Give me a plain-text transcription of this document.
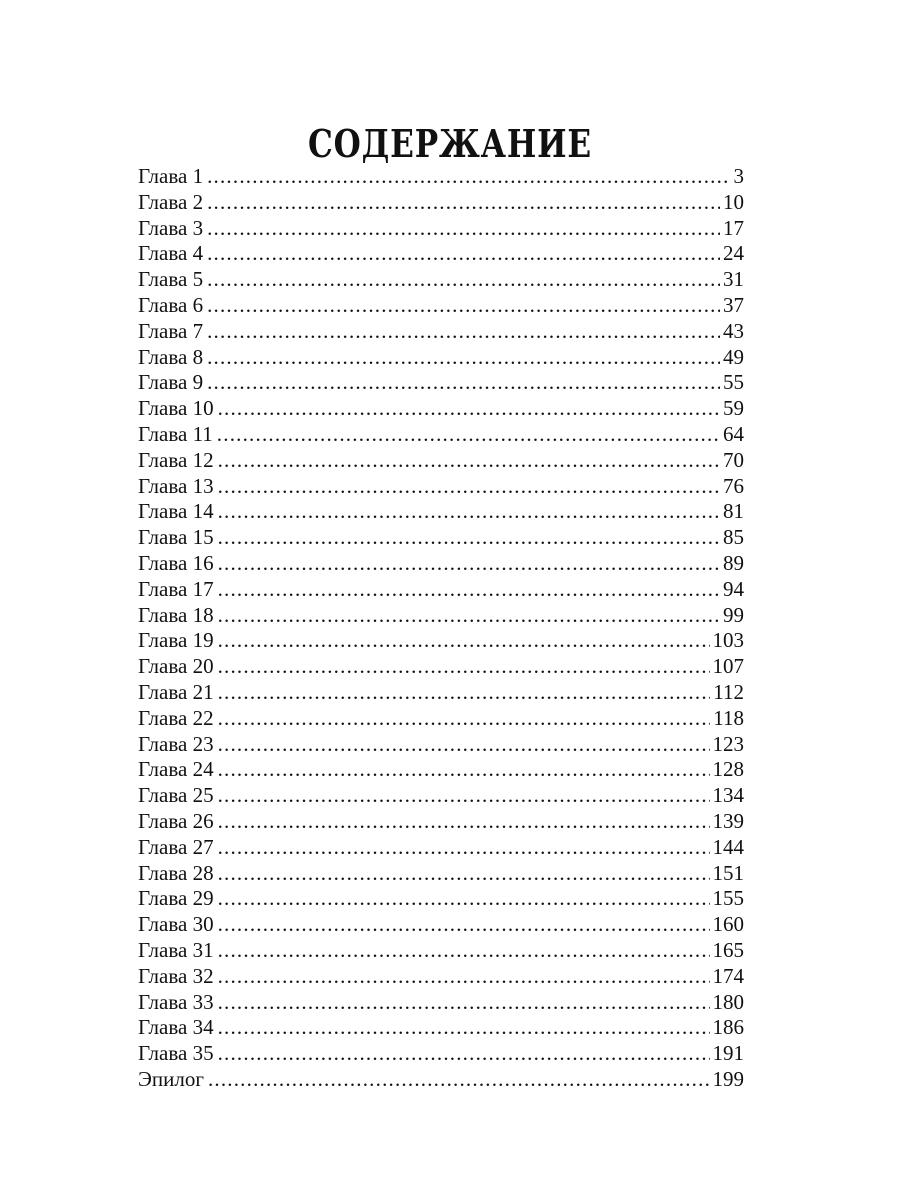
СОДЕРЖАНИЕ
Глава 1 .....	3
Глава 2 .....	10
Глава 3 .....	17
Глава 4 .....	24
Глава 5 .....	31
Глава 6 .....	37
Глава 7 .....	43
Глава 8 .....	49
Глава 9 .....	55
Глава 10 .....	59
Глава 11 .....	64
Глава 12 .....	70
Глава 13 .....	76
Глава 14 .....	81
Глава 15 .....	85
Глава 16 .....	89
Глава 17 .....	94
Глава 18 .....	99
Глава 19 .....	103
Глава 20 .....	107
Глава 21 .....	112
Глава 22 .....	118
Глава 23 .....	123
Глава 24 .....	128
Глава 25 .....	134
Глава 26 .....	139
Глава 27 .....	144
Глава 28 .....	151
Глава 29 .....	155
Глава 30 .....	160
Глава 31 .....	165
Глава 32 .....	174
Глава 33 .....	180
Глава 34 .....	186
Глава 35 .....	191
Эпилог .....	199
